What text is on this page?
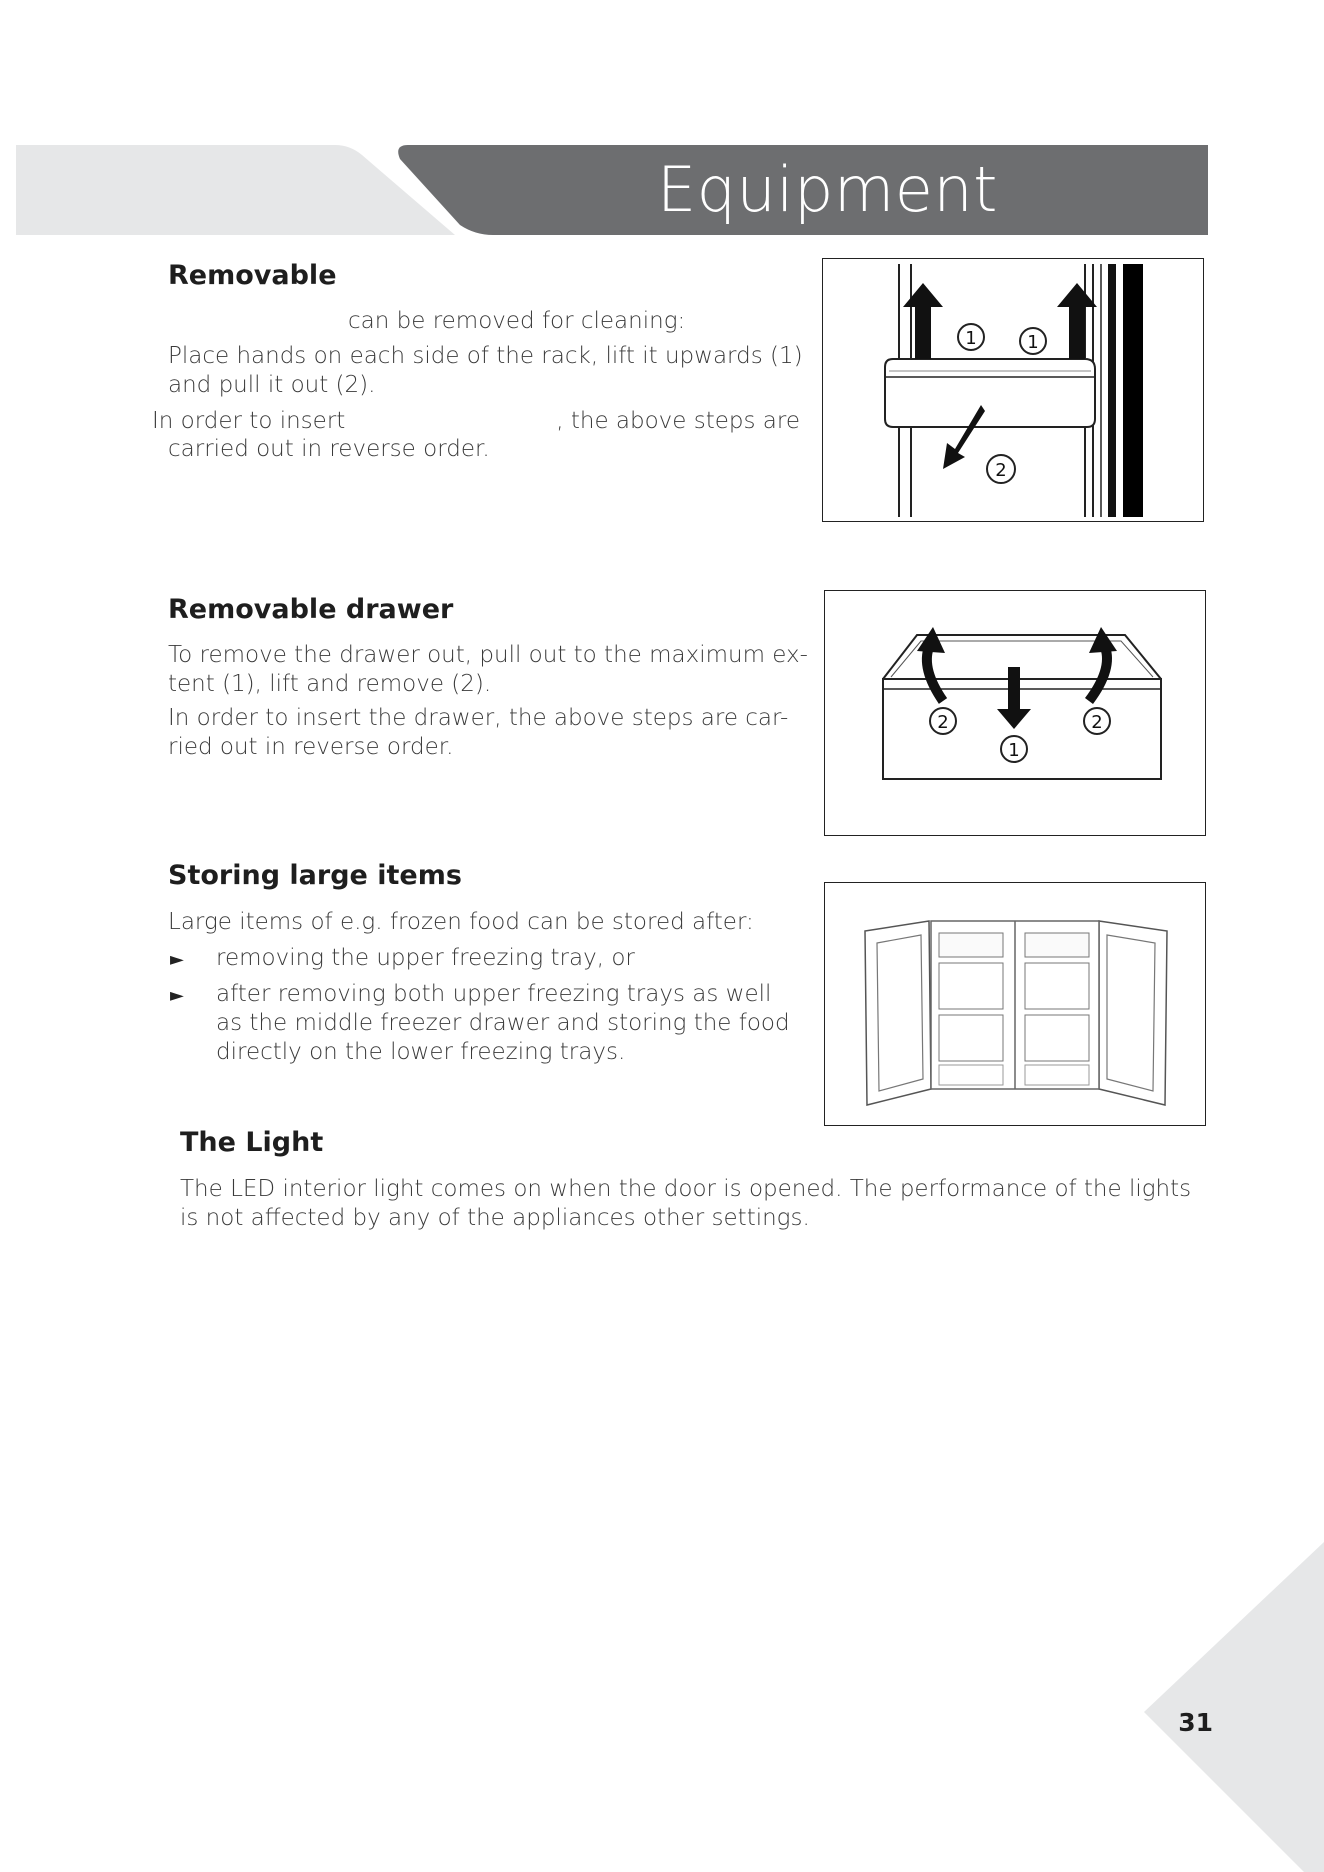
Equipment
Removable
can be removed for cleaning:
Place hands on each side of the rack, lift it upwards (1)
and pull it out (2).
In order to insert	, the above steps are
carried out in reverse order.
1	1
2
Removable drawer
To remove the drawer out, pull out to the maximum ex-
tent (1), lift and remove (2).
In order to insert the drawer, the above steps are car-
ried out in reverse order.
2	2
1
Storing large items
Large items of e.g. frozen food can be stored after:
► removing the upper freezing tray, or
► after removing both upper freezing trays as well
as the middle freezer drawer and storing the food
directly on the lower freezing trays.
The Light
The LED interior light comes on when the door is opened. The performance of the lights
is not affected by any of the appliances other settings.
31
